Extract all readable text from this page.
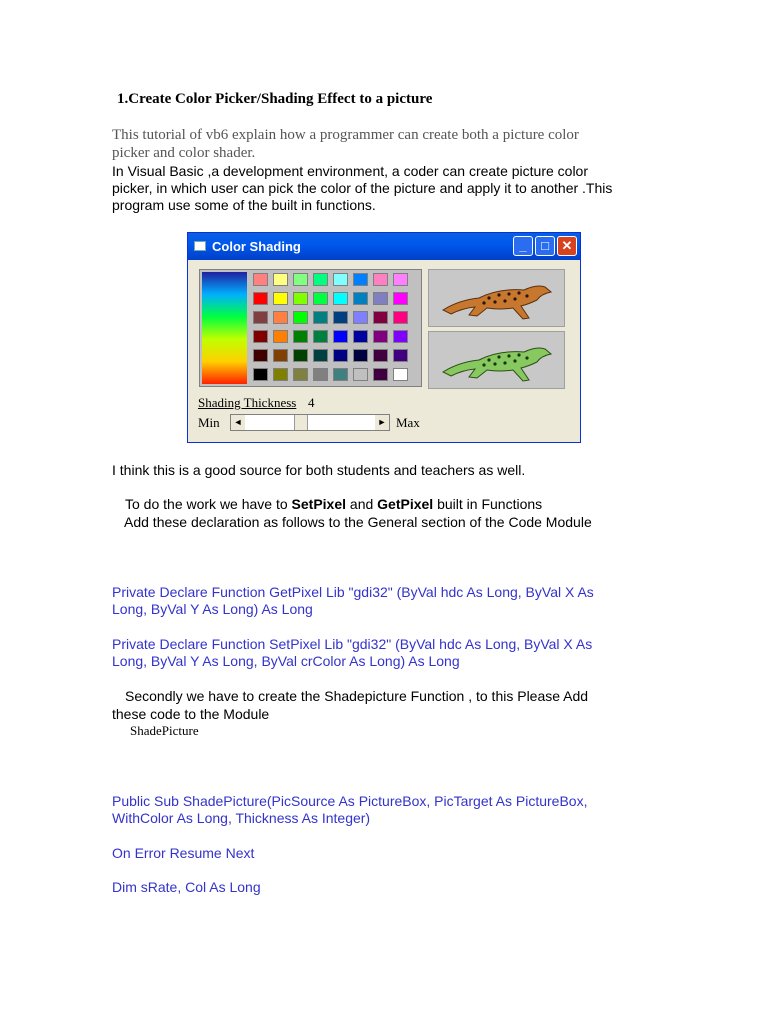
1.Create Color Picker/Shading Effect to a picture
This tutorial of vb6 explain how a programmer can create both a picture color
picker and color shader.
In Visual Basic ,a development environment, a coder can create picture color
picker, in which user can pick the color of the picture and apply it to another .This
program use some of the built in functions.
Color Shading	_	□ ✕
Shading Thickness 4
Min ◄	► Max
I think this is a good source for both students and teachers as well.
To do the work we have to SetPixel and GetPixel built in Functions
Add these declaration as follows to the General section of the Code Module
Private Declare Function GetPixel Lib "gdi32" (ByVal hdc As Long, ByVal X As
Long, ByVal Y As Long) As Long
Private Declare Function SetPixel Lib "gdi32" (ByVal hdc As Long, ByVal X As
Long, ByVal Y As Long, ByVal crColor As Long) As Long
Secondly we have to create the Shadepicture Function , to this Please Add
these code to the Module
ShadePicture
Public Sub ShadePicture(PicSource As PictureBox, PicTarget As PictureBox,
WithColor As Long, Thickness As Integer)
On Error Resume Next
Dim sRate, Col As Long
